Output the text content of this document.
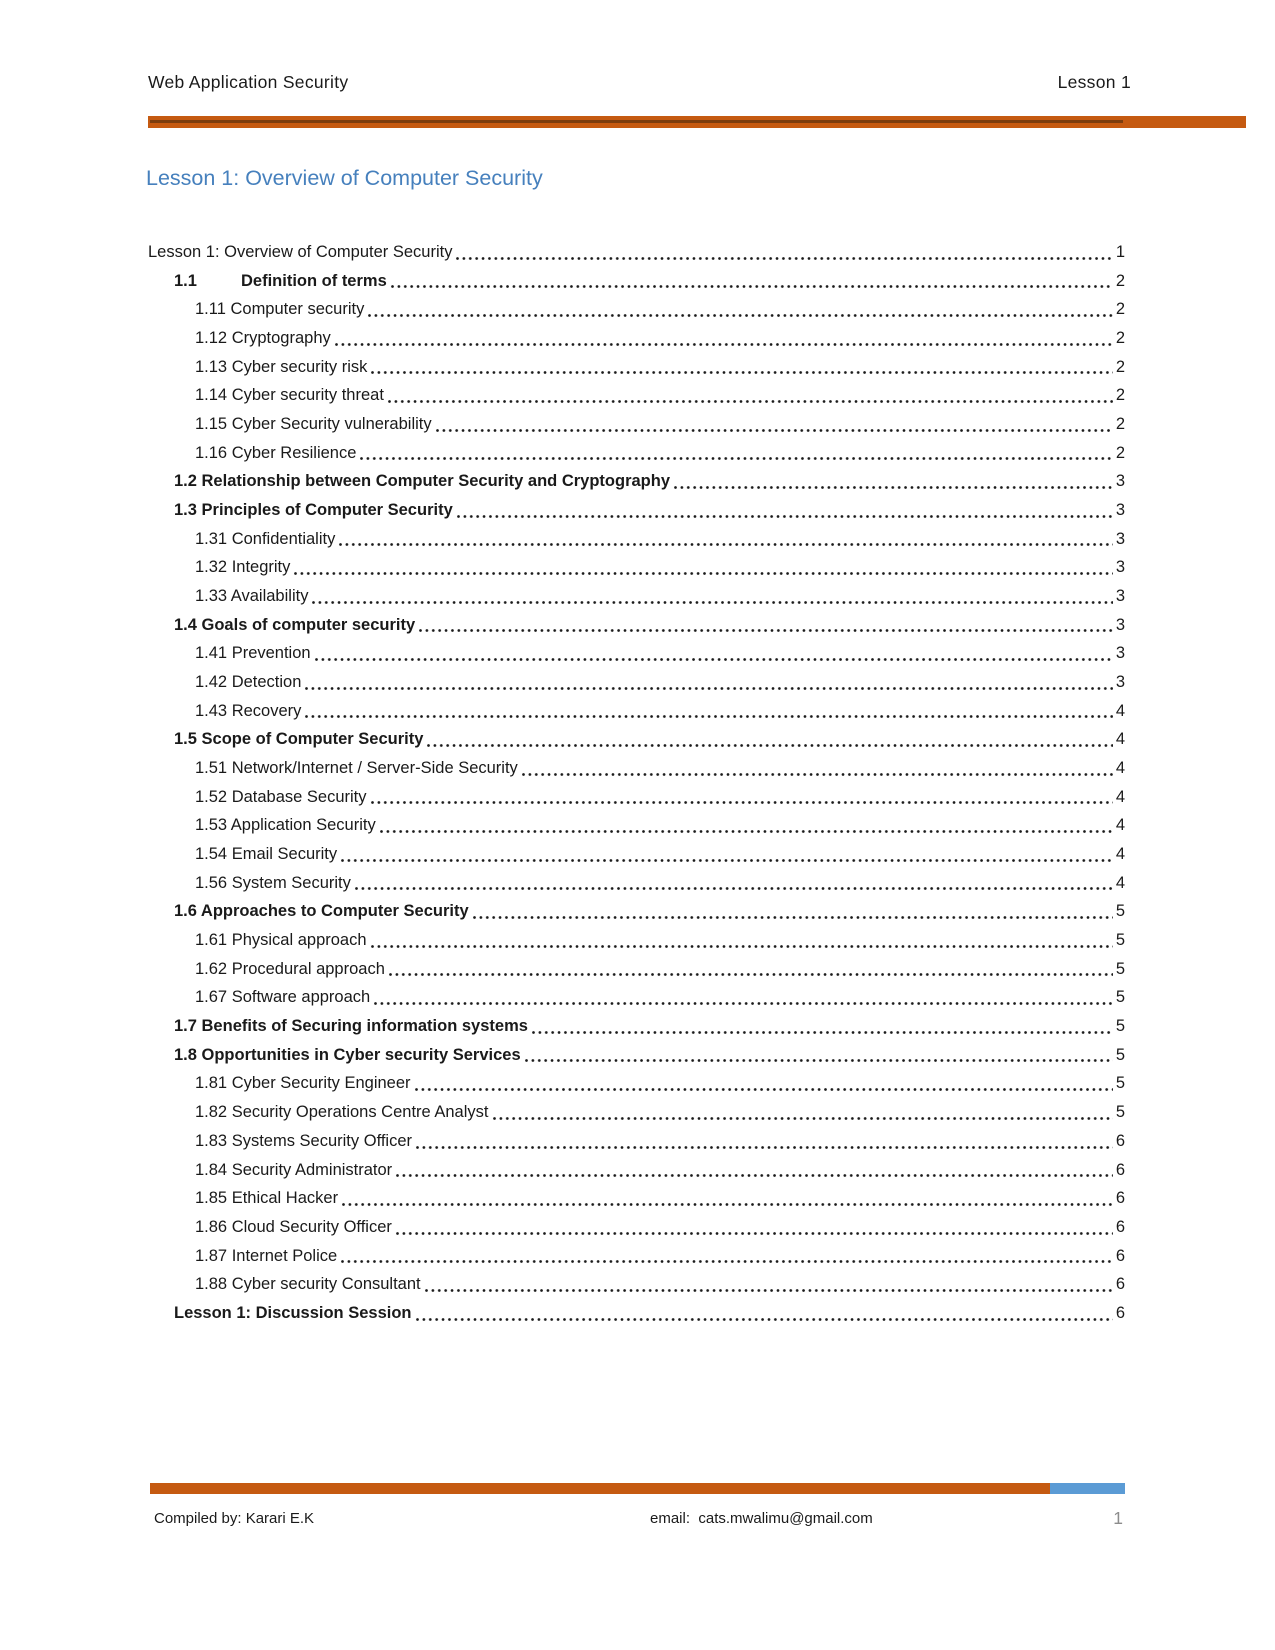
Web Application Security	Lesson 1
Lesson 1: Overview of Computer Security
Lesson 1: Overview of Computer Security	1
1.1	Definition of terms	2
1.11 Computer security	2
1.12 Cryptography	2
1.13 Cyber security risk	2
1.14 Cyber security threat	2
1.15 Cyber Security vulnerability	2
1.16 Cyber Resilience	2
1.2 Relationship between Computer Security and Cryptography	3
1.3 Principles of Computer Security	3
1.31 Confidentiality	3
1.32 Integrity	3
1.33 Availability	3
1.4 Goals of computer security	3
1.41 Prevention	3
1.42 Detection	3
1.43 Recovery	4
1.5 Scope of Computer Security	4
1.51 Network/Internet / Server-Side Security	4
1.52 Database Security	4
1.53 Application Security	4
1.54 Email Security	4
1.56 System Security	4
1.6 Approaches to Computer Security	5
1.61 Physical approach	5
1.62 Procedural approach	5
1.67 Software approach	5
1.7 Benefits of Securing information systems	5
1.8 Opportunities in Cyber security Services	5
1.81 Cyber Security Engineer	5
1.82 Security Operations Centre Analyst	5
1.83 Systems Security Officer	6
1.84 Security Administrator	6
1.85 Ethical Hacker	6
1.86 Cloud Security Officer	6
1.87 Internet Police	6
1.88 Cyber security Consultant	6
Lesson 1: Discussion Session	6
Compiled by: Karari E.K	email:  cats.mwalimu@gmail.com	1
